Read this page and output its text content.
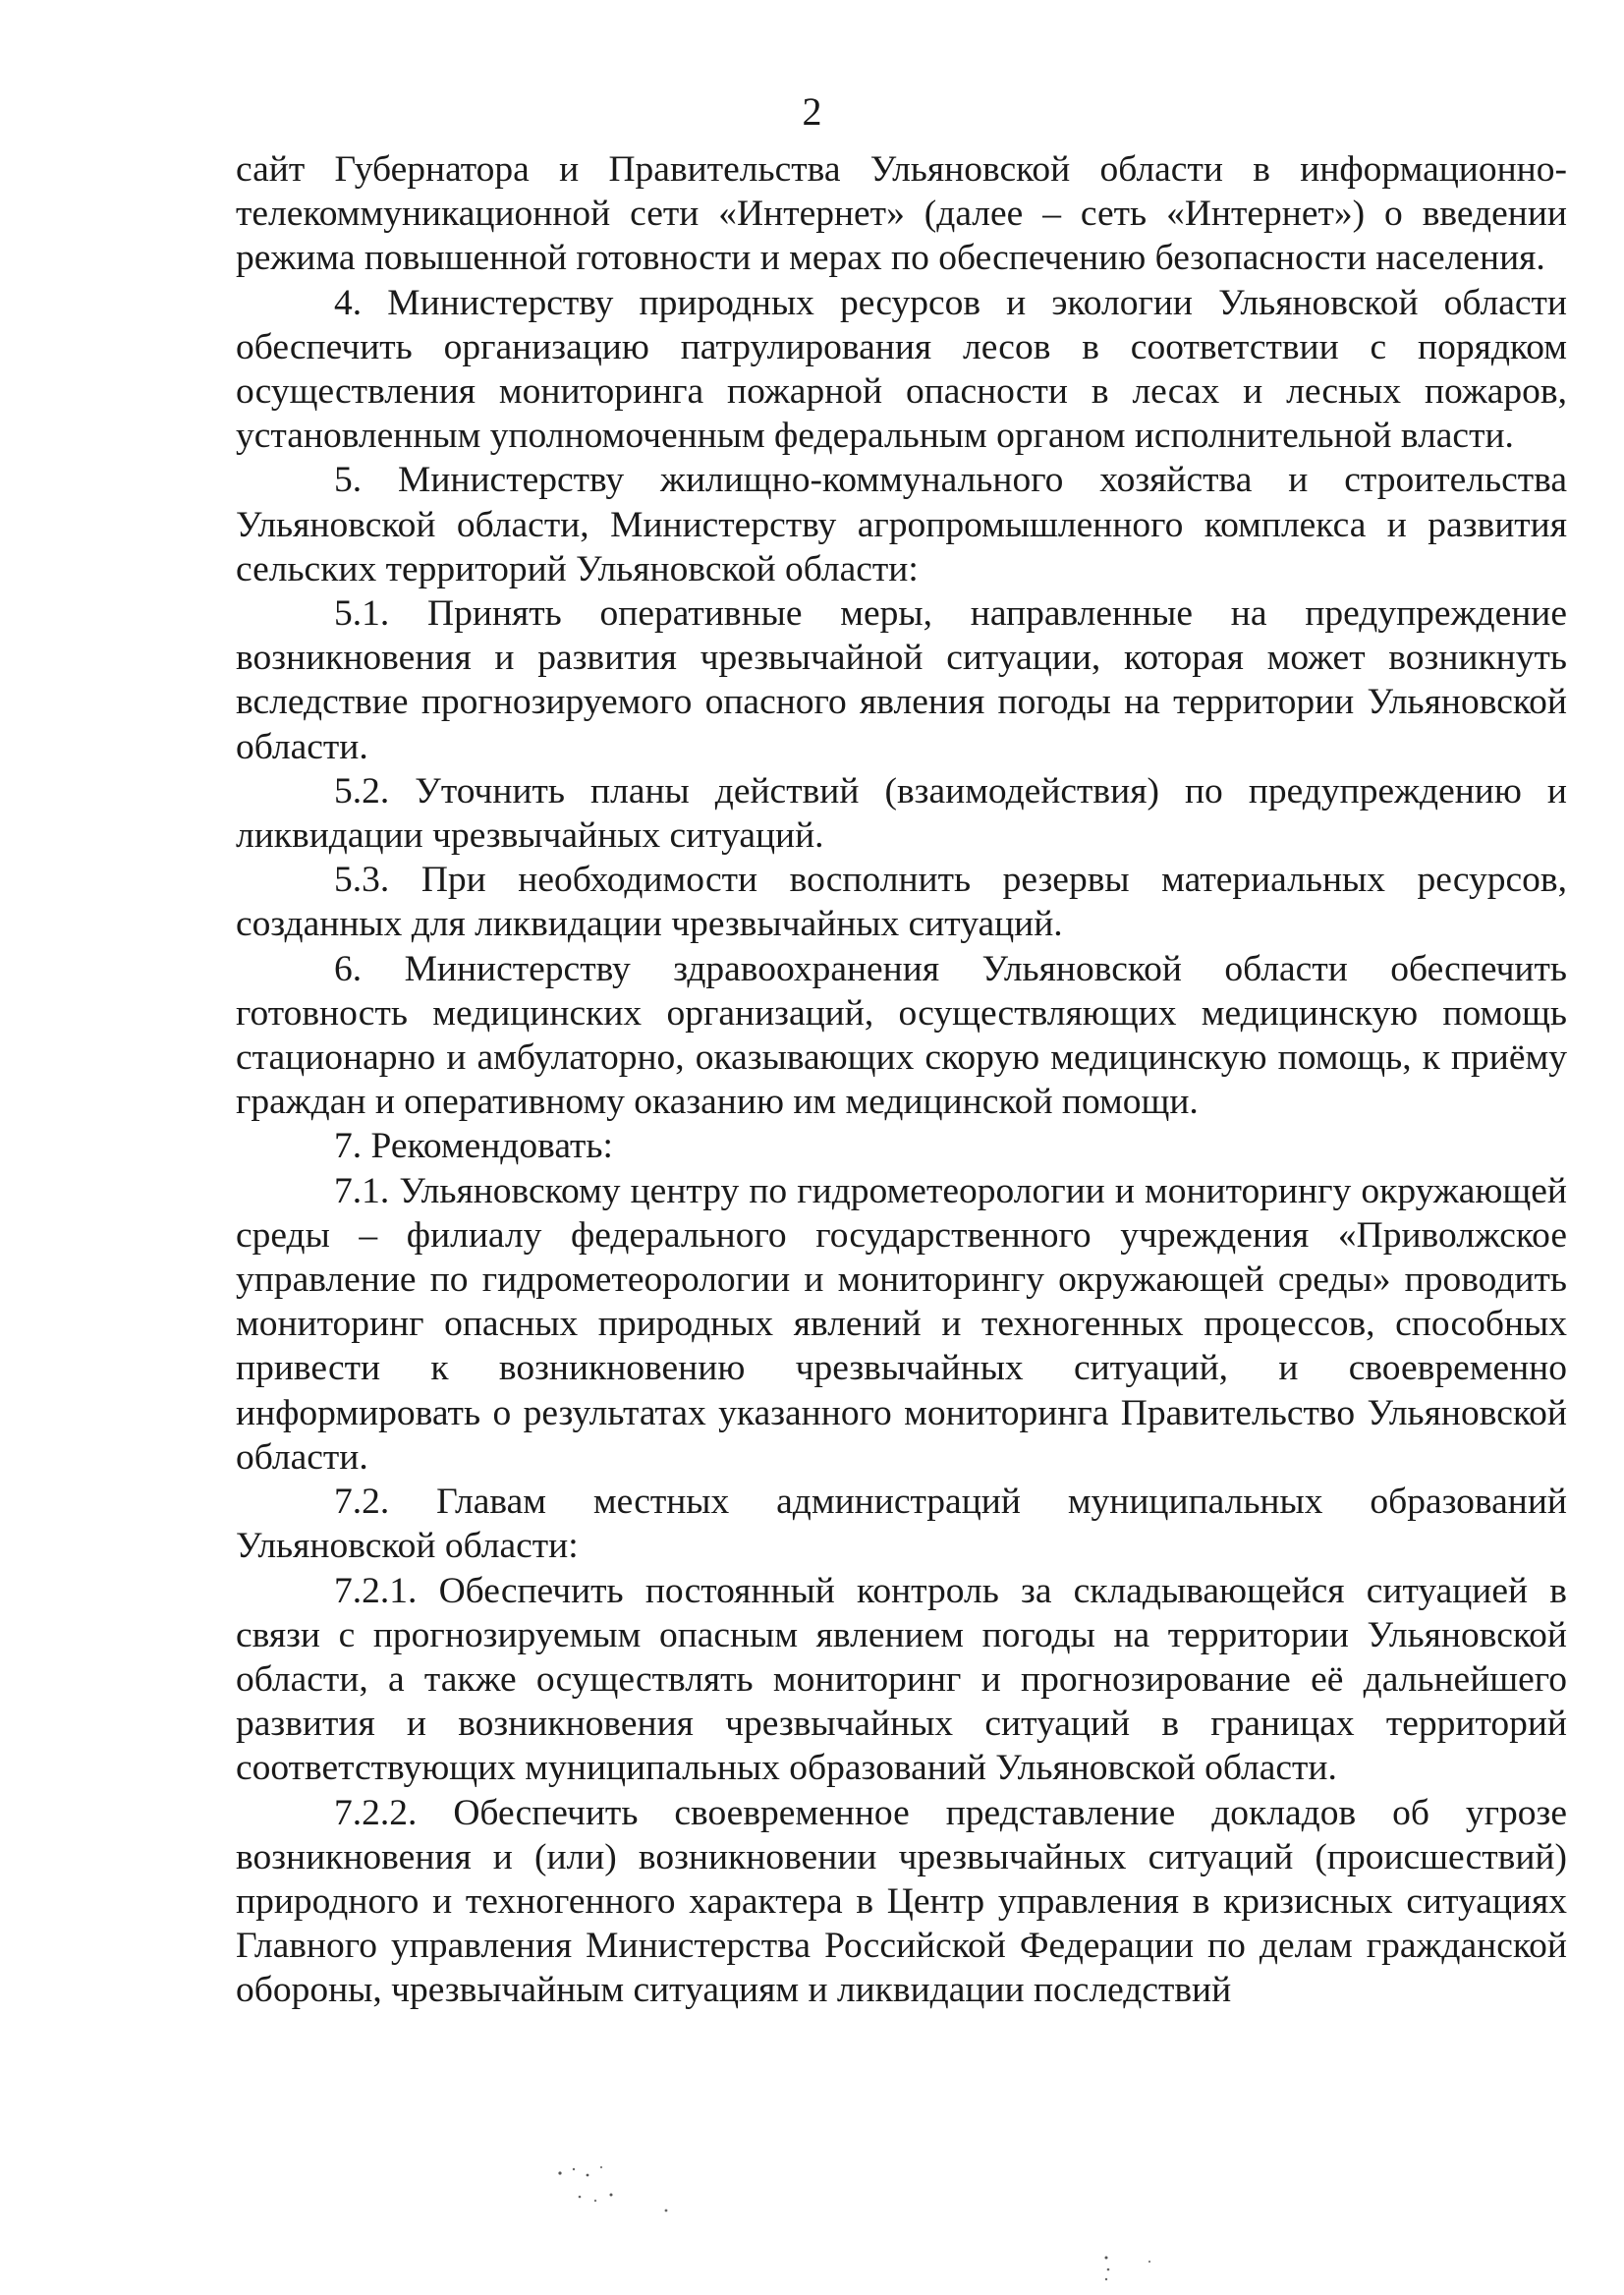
2

сайт Губернатора и Правительства Ульяновской области в информационно-телекоммуникационной сети «Интернет» (далее – сеть «Интернет») о введении режима повышенной готовности и мерах по обеспечению безопасности населения.

4. Министерству природных ресурсов и экологии Ульяновской области обеспечить организацию патрулирования лесов в соответствии с порядком осуществления мониторинга пожарной опасности в лесах и лесных пожаров, установленным уполномоченным федеральным органом исполнительной власти.

5. Министерству жилищно-коммунального хозяйства и строительства Ульяновской области, Министерству агропромышленного комплекса и развития сельских территорий Ульяновской области:

5.1. Принять оперативные меры, направленные на предупреждение возникновения и развития чрезвычайной ситуации, которая может возникнуть вследствие прогнозируемого опасного явления погоды на территории Ульяновской области.

5.2. Уточнить планы действий (взаимодействия) по предупреждению и ликвидации чрезвычайных ситуаций.

5.3. При необходимости восполнить резервы материальных ресурсов, созданных для ликвидации чрезвычайных ситуаций.

6. Министерству здравоохранения Ульяновской области обеспечить готовность медицинских организаций, осуществляющих медицинскую помощь стационарно и амбулаторно, оказывающих скорую медицинскую помощь, к приёму граждан и оперативному оказанию им медицинской помощи.

7. Рекомендовать:

7.1. Ульяновскому центру по гидрометеорологии и мониторингу окружающей среды – филиалу федерального государственного учреждения «Приволжское управление по гидрометеорологии и мониторингу окружающей среды» проводить мониторинг опасных природных явлений и техногенных процессов, способных привести к возникновению чрезвычайных ситуаций, и своевременно информировать о результатах указанного мониторинга Правительство Ульяновской области.

7.2. Главам местных администраций муниципальных образований Ульяновской области:

7.2.1. Обеспечить постоянный контроль за складывающейся ситуацией в связи с прогнозируемым опасным явлением погоды на территории Ульяновской области, а также осуществлять мониторинг и прогнозирование её дальнейшего развития и возникновения чрезвычайных ситуаций в границах территорий соответствующих муниципальных образований Ульяновской области.

7.2.2. Обеспечить своевременное представление докладов об угрозе возникновения и (или) возникновении чрезвычайных ситуаций (происшествий) природного и техногенного характера в Центр управления в кризисных ситуациях Главного управления Министерства Российской Федерации по делам гражданской обороны, чрезвычайным ситуациям и ликвидации последствий
